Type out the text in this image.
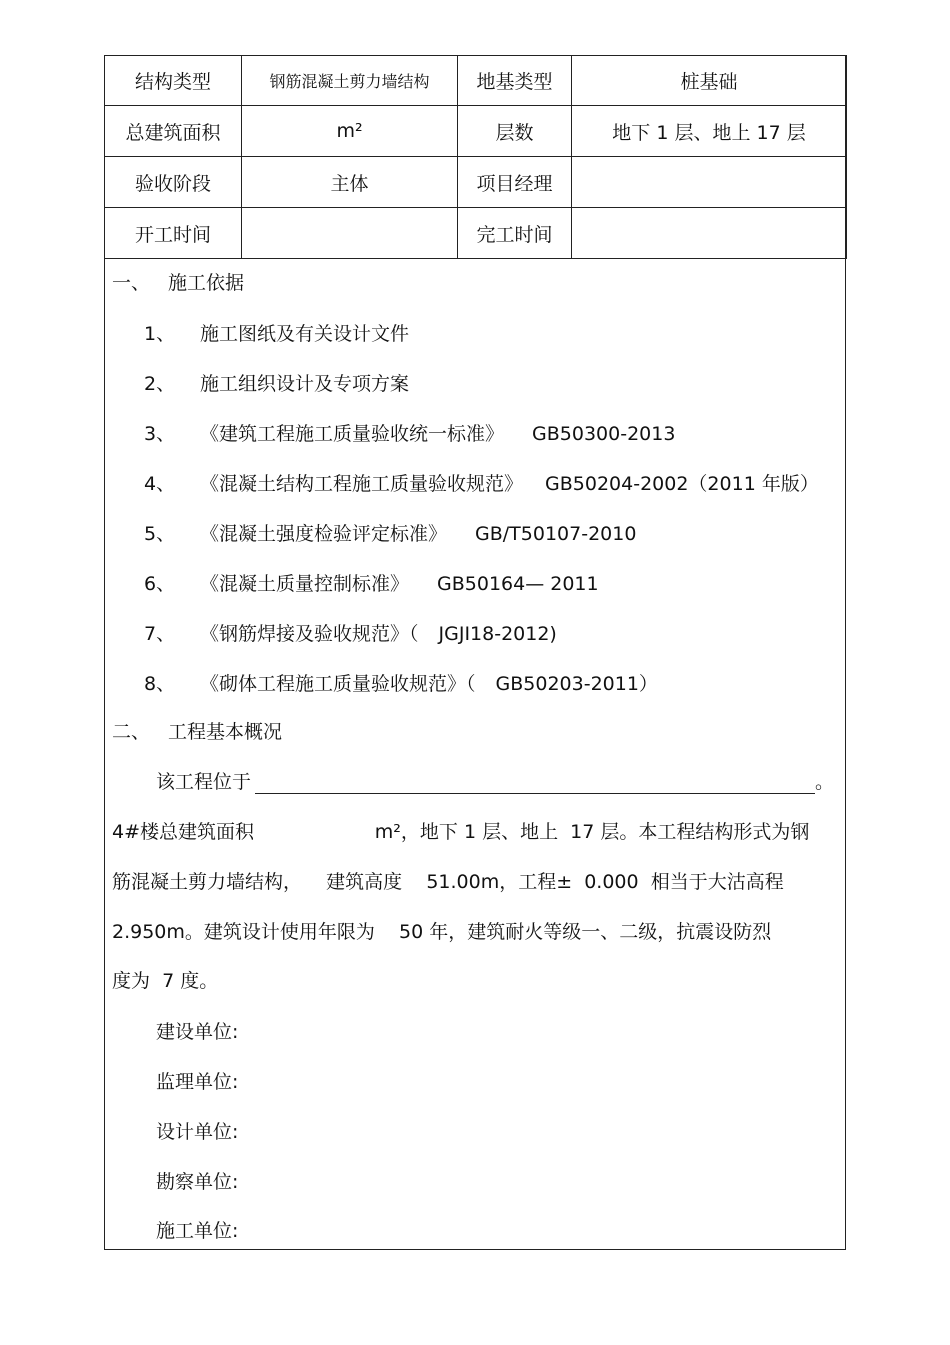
结构类型	钢筋混凝土剪力墙结构	地基类型	桩基础
总建筑面积	m²	层数	地下 1 层、地上 17 层
验收阶段	主体	项目经理	
开工时间		完工时间	
一、 施工依据
1、 施工图纸及有关设计文件
2、 施工组织设计及专项方案
3、 《建筑工程施工质量验收统一标准》 GB50300-2013
4、 《混凝土结构工程施工质量验收规范》 GB50204-2002（2011 年版）
5、 《混凝土强度检验评定标准》 GB/T50107-2010
6、 《混凝土质量控制标准》 GB50164— 2011
7、 《钢筋焊接及验收规范》（ JGJI18-2012)
8、 《砌体工程施工质量验收规范》（ GB50203-2011）
二、 工程基本概况
该工程位于	。
4#楼总建筑面积                    m²，地下 1 层、地上  17 层。本工程结构形式为钢
筋混凝土剪力墙结构，    建筑高度    51.00m，工程±  0.000  相当于大沽高程
2.950m。建筑设计使用年限为    50 年，建筑耐火等级一、二级，抗震设防烈
度为  7 度。
建设单位:
监理单位:
设计单位:
勘察单位:
施工单位:
